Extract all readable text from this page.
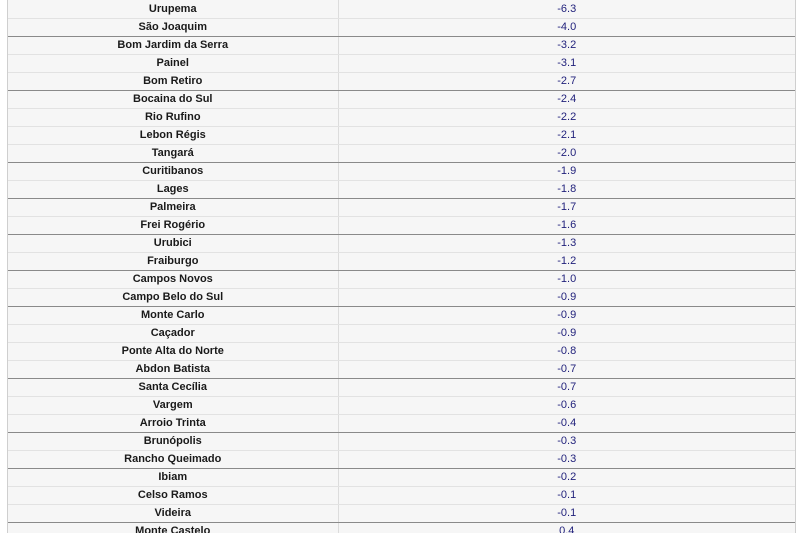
Urupema	-6.3
São Joaquim	-4.0
Bom Jardim da Serra	-3.2
Painel	-3.1
Bom Retiro	-2.7
Bocaina do Sul	-2.4
Rio Rufino	-2.2
Lebon Régis	-2.1
Tangará	-2.0
Curitibanos	-1.9
Lages	-1.8
Palmeira	-1.7
Frei Rogério	-1.6
Urubici	-1.3
Fraiburgo	-1.2
Campos Novos	-1.0
Campo Belo do Sul	-0.9
Monte Carlo	-0.9
Caçador	-0.9
Ponte Alta do Norte	-0.8
Abdon Batista	-0.7
Santa Cecília	-0.7
Vargem	-0.6
Arroio Trinta	-0.4
Brunópolis	-0.3
Rancho Queimado	-0.3
Ibiam	-0.2
Celso Ramos	-0.1
Videira	-0.1
Monte Castelo	0.4
